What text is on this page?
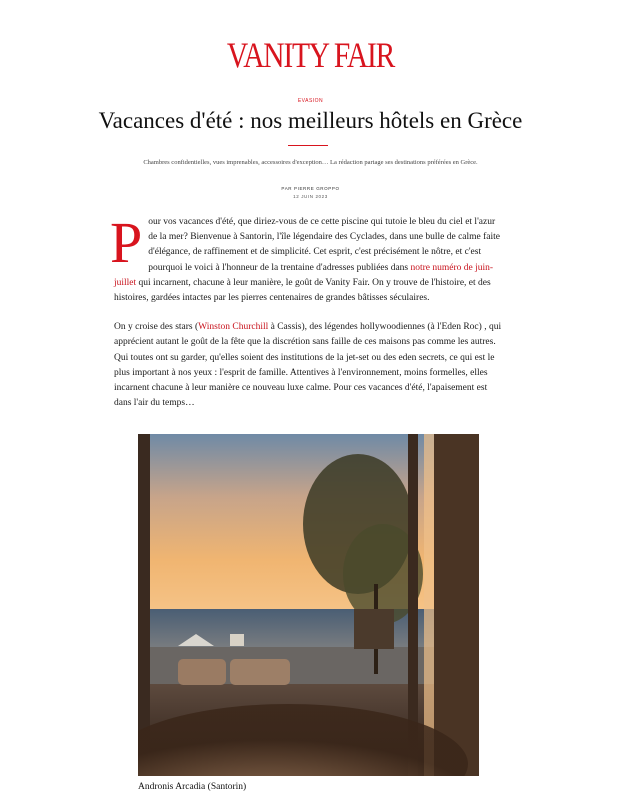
VANITY FAIR
EVASION
Vacances d'été : nos meilleurs hôtels en Grèce
Chambres confidentielles, vues imprenables, accessoires d'exception… La rédaction partage ses destinations préférées en Grèce.
PAR PIERRE GROPPO
12 JUIN 2023

Pour vos vacances d'été, que diriez-vous de ce cette piscine qui tutoie le bleu du ciel et l'azur de la mer? Bienvenue à Santorin, l'île légendaire des Cyclades, dans une bulle de calme faite d'élégance, de raffinement et de simplicité. Cet esprit, c'est précisément le nôtre, et c'est pourquoi le voici à l'honneur de la trentaine d'adresses publiées dans notre numéro de juin-juillet qui incarnent, chacune à leur manière, le goût de Vanity Fair. On y trouve de l'histoire, et des histoires, gardées intactes par les pierres centenaires de grandes bâtisses séculaires.

On y croise des stars (Winston Churchill à Cassis), des légendes hollywoodiennes (à l'Eden Roc) , qui apprécient autant le goût de la fête que la discrétion sans faille de ces maisons pas comme les autres. Qui toutes ont su garder, qu'elles soient des institutions de la jet-set ou des eden secrets, ce qui est le plus important à nos yeux : l'esprit de famille. Attentives à l'environnement, moins formelles, elles incarnent chacune à leur manière ce nouveau luxe calme. Pour ces vacances d'été, l'apaisement est dans l'air du temps…

Andronis Arcadia (Santorin)
